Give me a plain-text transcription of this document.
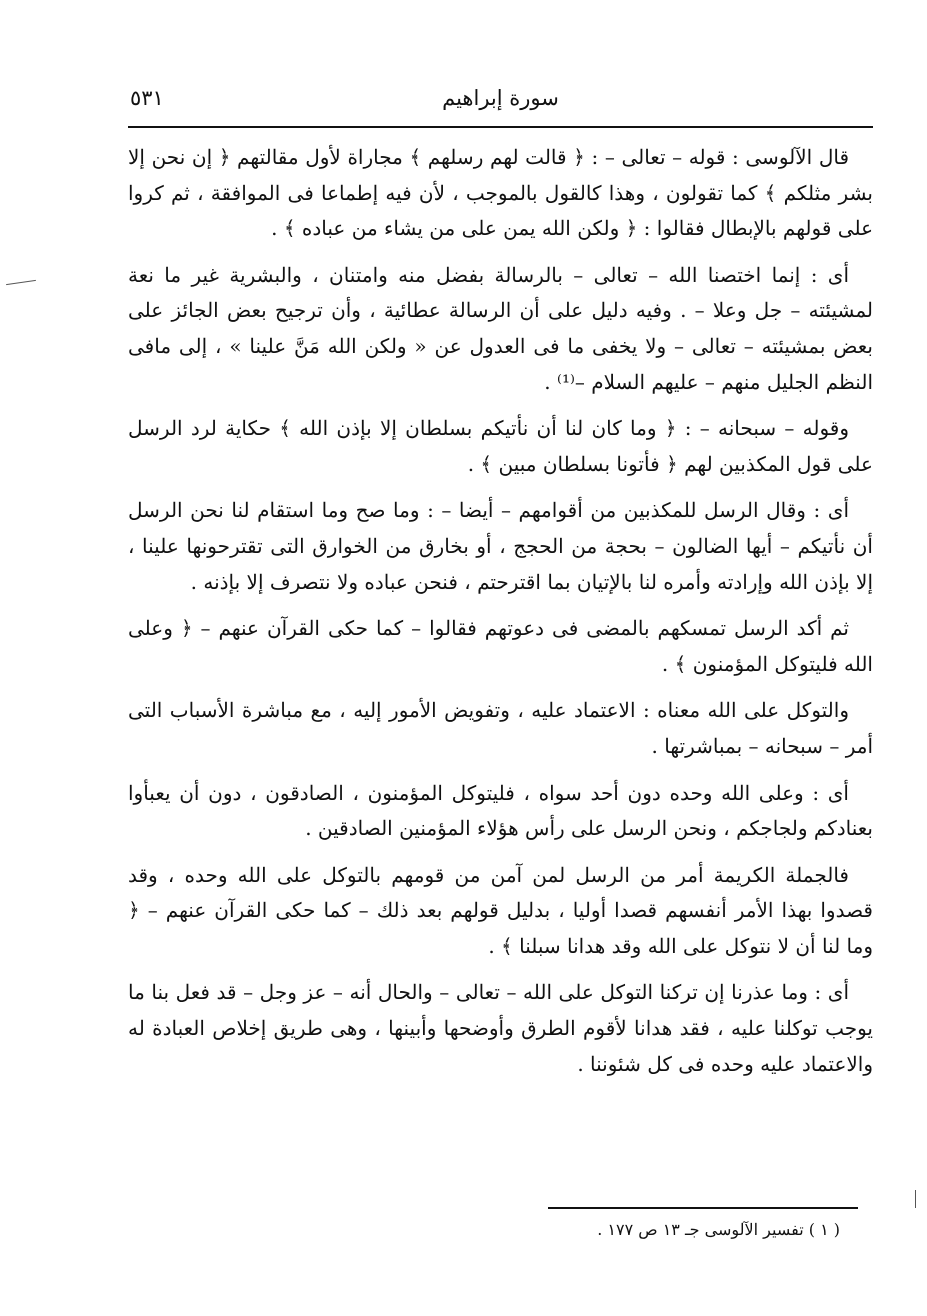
٥٣١	سورة إبراهيم

قال الآلوسى : قوله – تعالى – : ﴿ قالت لهم رسلهم ﴾ مجاراة لأول مقالتهم ﴿ إن نحن إلا بشر مثلكم ﴾ كما تقولون ، وهذا كالقول بالموجب ، لأن فيه إطماعا فى الموافقة ، ثم كروا على قولهم بالإبطال فقالوا : ﴿ ولكن الله يمن على من يشاء من عباده ﴾ .

أى : إنما اختصنا الله – تعالى – بالرسالة بفضل منه وامتنان ، والبشرية غير ما نعة لمشيئته – جل وعلا – . وفيه دليل على أن الرسالة عطائية ، وأن ترجيح بعض الجائز على بعض بمشيئته – تعالى – ولا يخفى ما فى العدول عن « ولكن الله مَنَّ علينا » ، إلى مافى النظم الجليل منهم – عليهم السلام –⁽¹⁾ .

وقوله – سبحانه – : ﴿ وما كان لنا أن نأتيكم بسلطان إلا بإذن الله ﴾ حكاية لرد الرسل على قول المكذبين لهم ﴿ فأتونا بسلطان مبين ﴾ .

أى : وقال الرسل للمكذبين من أقوامهم – أيضا – : وما صح وما استقام لنا نحن الرسل أن نأتيكم – أيها الضالون – بحجة من الحجج ، أو بخارق من الخوارق التى تقترحونها علينا ، إلا بإذن الله وإرادته وأمره لنا بالإتيان بما اقترحتم ، فنحن عباده ولا نتصرف إلا بإذنه .

ثم أكد الرسل تمسكهم بالمضى فى دعوتهم فقالوا – كما حكى القرآن عنهم – ﴿ وعلى الله فليتوكل المؤمنون ﴾ .

والتوكل على الله معناه : الاعتماد عليه ، وتفويض الأمور إليه ، مع مباشرة الأسباب التى أمر – سبحانه – بمباشرتها .

أى : وعلى الله وحده دون أحد سواه ، فليتوكل المؤمنون ، الصادقون ، دون أن يعبأوا بعنادكم ولجاجكم ، ونحن الرسل على رأس هؤلاء المؤمنين الصادقين .

فالجملة الكريمة أمر من الرسل لمن آمن من قومهم بالتوكل على الله وحده ، وقد قصدوا بهذا الأمر أنفسهم قصدا أوليا ، بدليل قولهم بعد ذلك – كما حكى القرآن عنهم – ﴿ وما لنا أن لا نتوكل على الله وقد هدانا سبلنا ﴾ .

أى : وما عذرنا إن تركنا التوكل على الله – تعالى – والحال أنه – عز وجل – قد فعل بنا ما يوجب توكلنا عليه ، فقد هدانا لأقوم الطرق وأوضحها وأبينها ، وهى طريق إخلاص العبادة له والاعتماد عليه وحده فى كل شئوننا .

( ١ ) تفسير الآلوسى جـ ١٣ ص ١٧٧ .
